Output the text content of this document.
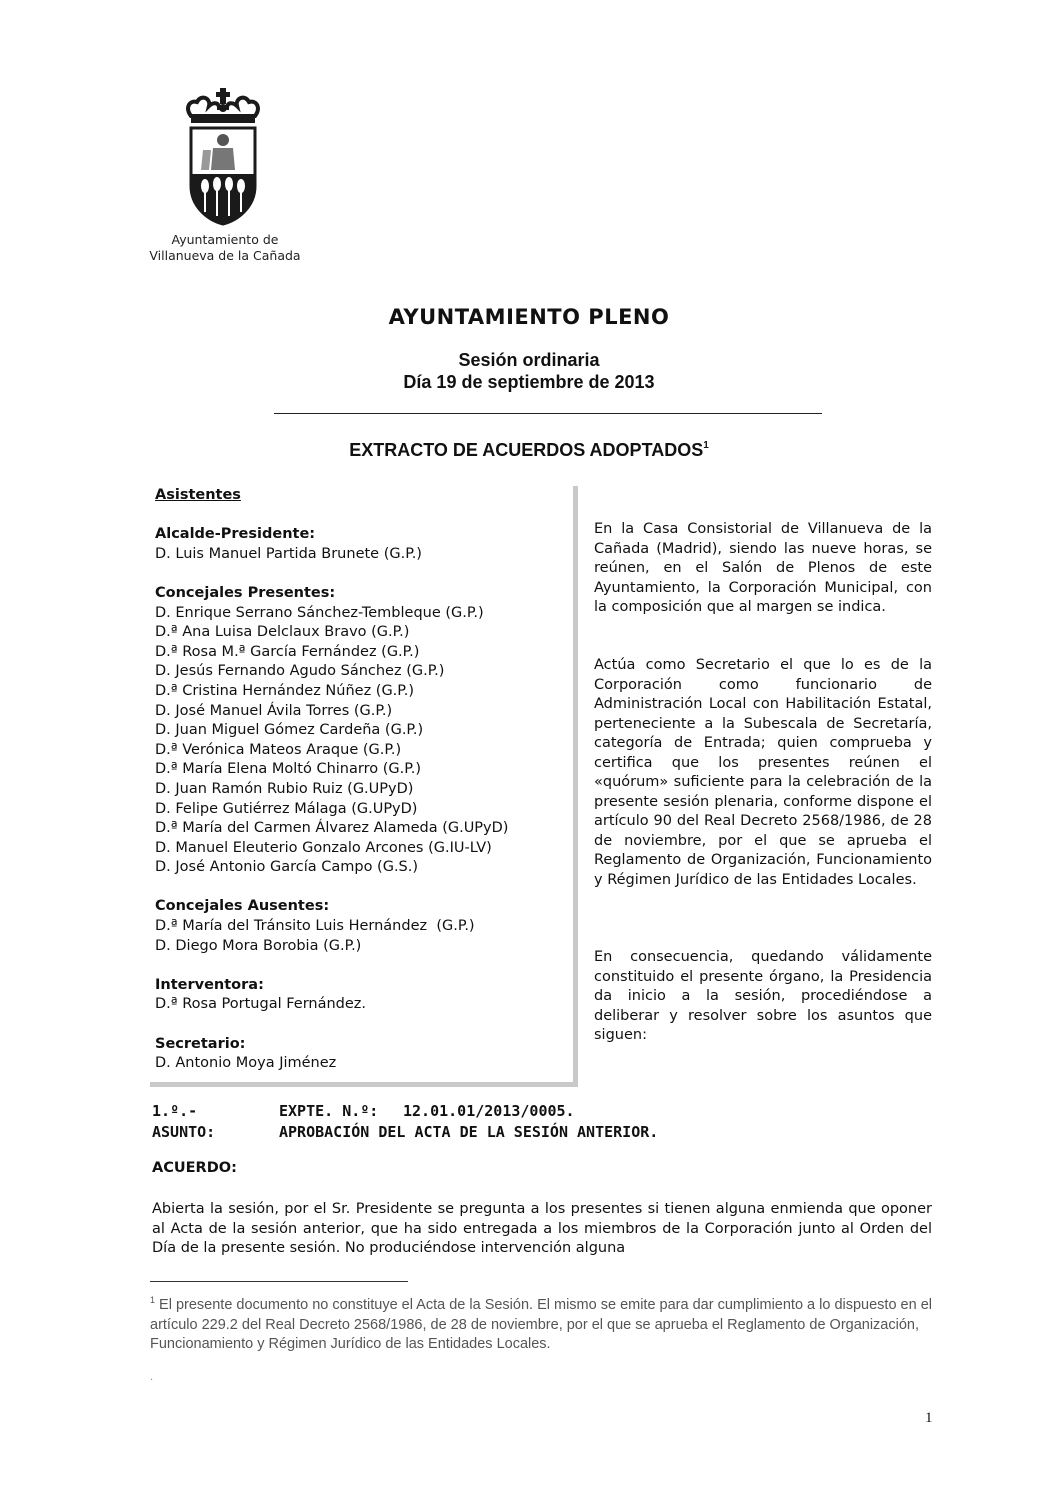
Ayuntamiento de
Villanueva de la Cañada
AYUNTAMIENTO PLENO
Sesión ordinaria
Día 19 de septiembre de 2013
EXTRACTO DE ACUERDOS ADOPTADOS$^1$
Asistentes
Alcalde-Presidente:
D. Luis Manuel Partida Brunete (G.P.)
Concejales Presentes:
D. Enrique Serrano Sánchez-Tembleque (G.P.)
D.ª Ana Luisa Delclaux Bravo (G.P.)
D.ª Rosa M.ª García Fernández (G.P.)
D. Jesús Fernando Agudo Sánchez (G.P.)
D.ª Cristina Hernández Núñez (G.P.)
D. José Manuel Ávila Torres (G.P.)
D. Juan Miguel Gómez Cardeña (G.P.)
D.ª Verónica Mateos Araque (G.P.)
D.ª María Elena Moltó Chinarro (G.P.)
D. Juan Ramón Rubio Ruiz (G.UPyD)
D. Felipe Gutiérrez Málaga (G.UPyD)
D.ª María del Carmen Álvarez Alameda (G.UPyD)
D. Manuel Eleuterio Gonzalo Arcones (G.IU-LV)
D. José Antonio García Campo (G.S.)
Concejales Ausentes:
D.ª María del Tránsito Luis Hernández  (G.P.)
D. Diego Mora Borobia (G.P.)
Interventora:
D.ª Rosa Portugal Fernández.
Secretario:
D. Antonio Moya Jiménez
En la Casa Consistorial de Villanueva de la Cañada (Madrid), siendo las nueve horas, se reúnen, en el Salón de Plenos de este Ayuntamiento, la Corporación Municipal, con la composición que al margen se indica.
Actúa como Secretario el que lo es de la Corporación como funcionario de Administración Local con Habilitación Estatal, perteneciente a la Subescala de Secretaría, categoría de Entrada; quien comprueba y certifica que los presentes reúnen el «quórum» suficiente para la celebración de la presente sesión plenaria, conforme dispone el artículo 90 del Real Decreto 2568/1986, de 28 de noviembre, por el que se aprueba el Reglamento de Organización, Funcionamiento y Régimen Jurídico de las Entidades Locales.
En consecuencia, quedando válidamente constituido el presente órgano, la Presidencia da inicio a la sesión, procediéndose a deliberar y resolver sobre los asuntos que siguen:
1.º.-	EXPTE. N.º: 12.01.01/2013/0005.
ASUNTO:	APROBACIÓN DEL ACTA DE LA SESIÓN ANTERIOR.
ACUERDO:
Abierta la sesión, por el Sr. Presidente se pregunta a los presentes si tienen alguna enmienda que oponer al Acta de la sesión anterior, que ha sido entregada a los miembros de la Corporación junto al Orden del Día de la presente sesión. No produciéndose intervención alguna
$^1$ El presente documento no constituye el Acta de la Sesión. El mismo se emite para dar cumplimiento a lo dispuesto en el artículo 229.2 del Real Decreto 2568/1986, de 28 de noviembre, por el que se aprueba el Reglamento de Organización, Funcionamiento y Régimen Jurídico de las Entidades Locales.
.
1
